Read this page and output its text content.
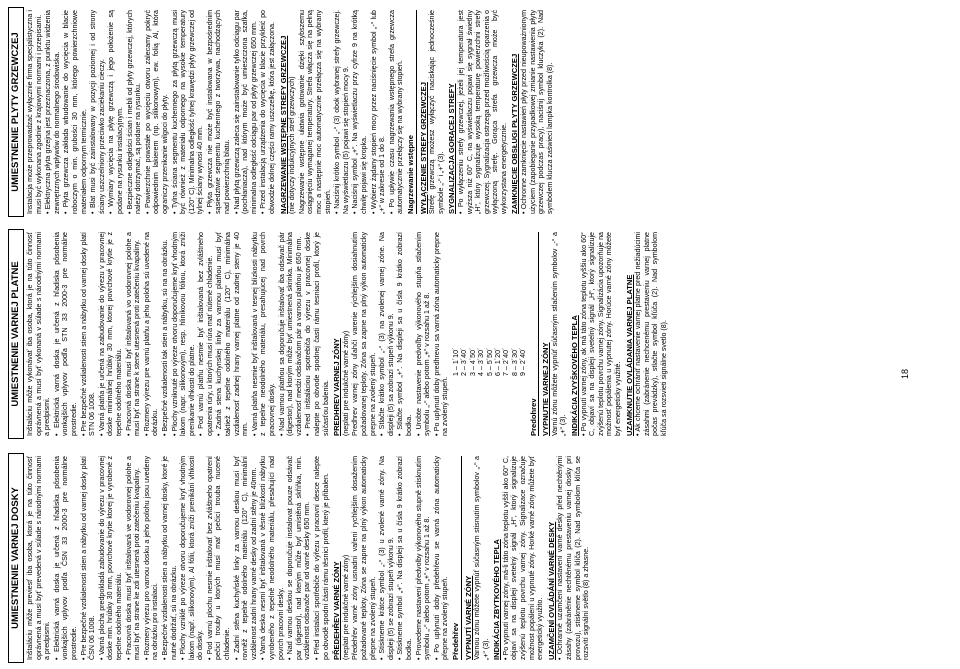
UMIESTNENIE VARNEJ DOSKY Inštaláciu môže previesť iba osoba, ktorá je na túto činnosť oprávnená a musí byť prevedená v súlade s národnými normami a predpismi. • Elektrická varná doska je určená z hľadiska pôsobenia vonkajších vplyvov podľa ČSN 33 2000-3 pre normálne prostredie. • Pre bezpečné vzdialenosti stien a nábytku od varnej dosky platí ČSN 06 1008. • Varná plocha predpokladá zabudovanie do výrezu v pracovnej doske min. hrúbky 30 mm, povrchové krytie ktorej je vyrobené z tepelne odolného materiálu. • Pracovná doska musí byť inštalovaná ve vodorovnej polohe a musí byť na strane ke zdi utesnená proti zatečeniu kvapaliny. • Rozmery výrezu pro varnou dosku a jeho polohu jsou uvedeny na obrázku pro instalaci. • Bezpečné vzdialenosti stien a nábytku od varnej dosky, ktoré je nutné dodržať, sú na obrázku. • Plochy vzniklé po výreze otvoru doporučujeme kryť vhodným lakom (např. silikonovým). Al fólii, ktorá zníži prenikání vlhkosti do dosky. • Pod varnú plochu nesmie inštalovať bez zvláštneho opatrení pečicí trouby u ktorých musí mať pečicí trouba nucené chladenie. • Zadní stěna kuchyňské linky za varnou deskou musí byť rovněž z tepelně odolného materiálu (120° C), minimální vzdálenost zadní hrany varné desky od zadní stěny je 40mm. • Varná deska nesmí byť inštalovaná v těsné blízkosti nábytku vyrobeného z tepelně neodolného materiálu, přesahující nad povrch pracovní desky. • Nad varnou deskou se doporučuje instalovat pouze odsávač par (digestoř), nad kterým může byť umístěná skříňka, min. vzdálenost odsavače par od varné desky 650 mm. • Před instalací spotřebiče do výřezu v pracovní desce nalepte po obvodě spodní části rámu těsnicí profil, který je přibalen. PŘEDEHŘEV VARNÉ ZÓNY (neplatí pre indukčné varné zóny) Předehřev varné zóny usnadní vaření rychlejším dosažením požadované teploty. Zóna se zapne na plný výkon automaticky přepne na zvolený stupeň. • Stiskneme krátce symbol „-“ (3) u zvolené varné zóny. Na displeji (5) se zobrazí stupeň výkonu 9. • Stiskneme symbol „+“. Na displeji sa u čísla 9 krátko zobrazí bodka. • Provedeme nastavení předvolby výkonového stupně stisknutím symbolu „-“ alebo potom „+“ v rozsahu 1 až 8. • Po uplynutí doby předehřevu se varná zóna automaticky přepne na zvolený stupeň. Předehřev VYPNUTÍ VARNÉ ZÓNY Varnou zónu môžete vypnúť súčasným stisnutím symbolov „-“ a „+“ (3). INDIKÁCIA ZBYTKOVÉHO TEPLA • Po vypnutí varnej zóny, má-li táto zóna teplotu vyšší ako 60° C, objaví sa na displeji svetelný signál „H“, ktorý signalizuje zvýšenú teplotu povrchu varnej zóny. Signalizace označuje možnost popálení u vypnuté zóny. Horké varné zóny můžete byť energetický využito. UZAMČENÍ OVLÁDÁNÍ VARNÉ DESKY • Ochranné uzamčení nastavení varné desky před nechtěnými zásahy (zabráněnie nechtěnému prestaveniu varnej dosky pri provozu), stiskneme symbol klíča (2). Nad symbolom klíča se rozsvítí signální světlo (8) a zhasne.

UMIESTNENIE VARNEJ PLATNE Inštaláciu môže vykonávať iba osoba, ktorá je na túto činnosť oprávnená a musí byť vykonaná v súlade s národnými normami a predpismi. • Elektrická varná doska je určená z hľadiska pôsobenia vonkajších vplyvov podľa STN 33 2000-3 pre normálne prostredie. • Pre bezpečné vzdialenosti stien a nábytku od varnej dosky platí STN 06 1008. • Varná platňa je určená na zabudovanie do výrezu v pracovnej doske minimálnej hrúbky 30 mm, ktorej povrchové krytie je z tepelne odolného materiálu. • Pracovná doska musí byť inštalovaná vo vodorovnej polohe a musí byť na strane k stene utesnená proti zatečeniu kvapaliny. • Rozmery výrezu pre varnú platňu a jeho poloha sú uvedené na obrázku. • Bezpečné vzdialenosti tak stien a nábytku, sú na na obrázku. • Plochy vzniknuté po výreze otvoru doporučujeme kryť vhodným lakom (napr. silikonovým), resp. hliníkovou fóliou, ktorá zníži prenikanie vlhkosti do platne. • Pod varnú platňu nesmie byť inštalovaná bez zvláštneho opatrenia rúry, u ktorých musí rúra mať nútené chladenie. • Zadná stena kuchynskej linky za varnou platňou musí byť taktiež z tepelne odolného materiálu (120° C), minimálna vzdialenosť zadnej hrany varnej platne od zadnej steny je 40 mm. • Varná platňa nesmie byť inštalovaná v tesnej blízkosti nábytku z tepelne neodolného materiálu, presahujúcej nad povrch pracovnej dosky. • Nad varnou platňou sa doporučuje inštalovať iba odsávač pár (digestor), nad ktorým môže byť umiestnená skrinka. Minimálna vzdialenosť medzi odsávačom pár a varnou platňou je 650 mm. • Pred inštaláciou spotrebiča do výrezu v pracovnej doske nalepte po obvode spodnej časti rámu tesniaci profil, ktorý je súčasťou balenia. PREDHREV VARNEJ ZÓNY (neplatí pre indukčné varné zóny) Predhrev varnej zóny uľahčí varenie rýchlejším dosiahnutím požadovanej teploty. Zóna sa zapne na plný výkon automaticky prepne na zvolený stupeň. • Stlačte krátko symbol „-“ (3) na zvolenej varnej zóne. Na displeji (5) sa zobrazí stupeň výkonu 9. • Stlačte symbol „+“. Na displeji sa u čísla 9 krátko zobrazí bodka. • Urobte nastavenie predvoľby výkonového stupňa stlačením symbolu „-“ alebo potom „+“ v rozsahu 1 až 8. • Po uplynutí doby predhrevu sa varná zóna automaticky prepne na zvolený stupeň.

1 – 1´10´ 2 – 3´40´ 3 – 4´50´ 4 – 3´30´ 5 – 5´50´ 6 – 1´20´ 7 – 2´40´ 8 – 3´30´ 9 – 2´40´
Predohrev VYPNUTIE VARNEJ ZÓNY Varnú zónu môžete vypnúť súčasným stlačením symbolov „-“ a „+“ (3). INDIKÁCIA ZVYŠKOVÉHO TEPLA • Po vypnutí varnej zóny, ak má táto zóna teplotu vyššiu ako 60° C, objaví sa na displeji svetelný signál „H“, ktorý signalizuje zvýšenú teplotu povrchu varnej zóny. Signalizácia upozorňuje na možnosť popálenia u vypnutej zóny. Horúce varné zóny môžete byť energeticky využité. UZAMKNUTIE OVLÁDANIA VARNEJ PLATNE • Ak chceme ochrániť nastavenie varnej platne pred nežiadúcimi zásahmi (zabránenie nechcenému prestaveniu varnej platne počas prevádzky), stlačte symbol kľúča (2). Nad symbolom kľúča sa rozsvieti signálne svetlo (8).

UMIESTNENIE PLYTY GRZEWCZEJ Instalacja może przeprowadzać wyłącznie firma specjalistyczna i musi być wykonana zgodnie z krajowymi normami i przepisami. • Elektryczna płyta grzejna jest przeznaczona, z punktu widzenia zewnętrznych wpływów do normalnego środowiska. • Płyta grzewcza zakłada wbudowanie do wycięcia w blacie roboczym o min. grubości 30 mm, którego powierzchniowe materiałem odpornym termicznie. • Blat musi być zainstalowany w pozycji poziomej i od strony ściany uszczelniony przeciwko zaciekaniu cieczy. • Wymiary wycięcia na płytę grzewczą i jego położenie są podane na rysunku instalacyjnym. • Bezpieczne odległości ścian i mebli od płyty grzewczej, których należy dotrzymać, są podane na rysunku. • Powierzchnie powstałe po wycięciu otworu zalecamy pokryć odpowiednim lakierem (np. silikonowym), ew. folią Al, która ograniczy przenikanie wilgoci do płyty. • Tylna ściana segmentu kuchennego za płytą grzewczą musi być również z materiału odpornego na wysokie temperatury (120° C). Minimalna odległość tylnej krawędzi płyty grzewczej od tylnej ściany wynosi 40 mm. • Płyta grzewcza nie może być instalowana w bezpośrednim sąsiedztwie segmentu kuchennego z tworzywa, nachodzących nad powierzchnią blatu. • Nad płytą grzewczą zaleca się zainstalowanie tylko odciągu par (pochłaniacza), nad którym może być umieszczona szafka, minimalna odległość odciągu par od płyty grzewczej 650 mm. • Przed instalacją urządzenia do wycięcia w blacie przykleić po obwodzie dolnej części ramy uszczelkę, która jest załączona. NAGRZEWANIE WSTĘPNE STREFY GRZEWCZEJ (nie dotyczy indukcyjnych stref grzewczych) Nagrzewanie wstępne ułatwia gotowanie dzięki szybszemu osiągnięciu wymaganej temperatury. Strefa włącza się na pełną moc a następnie moc automatycznie przełącza się na wybrany stopień. • Naciśnij krótko symbol „-“ (3) obok wybranej strefy grzewczej. Na wyświetlaczu (5) pojawi się stopień mocy 9. • Naciśnij symbol „+“. Na wyświetlaczu przy cyfrze 9 na krótką chwilę pojawi się kropka. • Wybierz żądany stopień mocy przez naciśnięcie symbol „-“ lub „+“ w zakresie od 1 do 8. • Po upływie czasu nagrzewania wstępnego strefa grzewcza automatycznie przełączy się na wybrany stopień. Nagrzewanie wstępne WYŁĄCZENIE STREFY GRZEWCZEJ Strefę grzewczą możesz wyłączyć naciskając jednocześnie symbole „-“ i „+“ (3). SYGNALIZACJA GORĄCEJ STREFY • Po wyłączeniu strefy grzewczej, jeżeli jej temperatura jest wyższa niż 60° C, na wyświetlaczu pojawi się sygnał świetlny „H“, który sygnalizuje wysoką temperaturę powierzchni strefy grzewczej. Sygnalizacja ostrzega przed możliwością oparzenia o wyłączoną strefę. Gorąca strefa grzewcza może być wykorzystana energetycznie. ZAMKNIĘCIE OBSŁUGI PŁYTY GRZEWCZEJ • Ochronne zamknięcie nastawień płyty przed nieupoważnionym użyciem (zapobieganie przypadkowej zmianie nastawienia płyty grzewczej podczas pracy), naciśnij symbol kluczyka (2). Nad symbolem klucza zaświeci lampka kontrolka (8).

18
